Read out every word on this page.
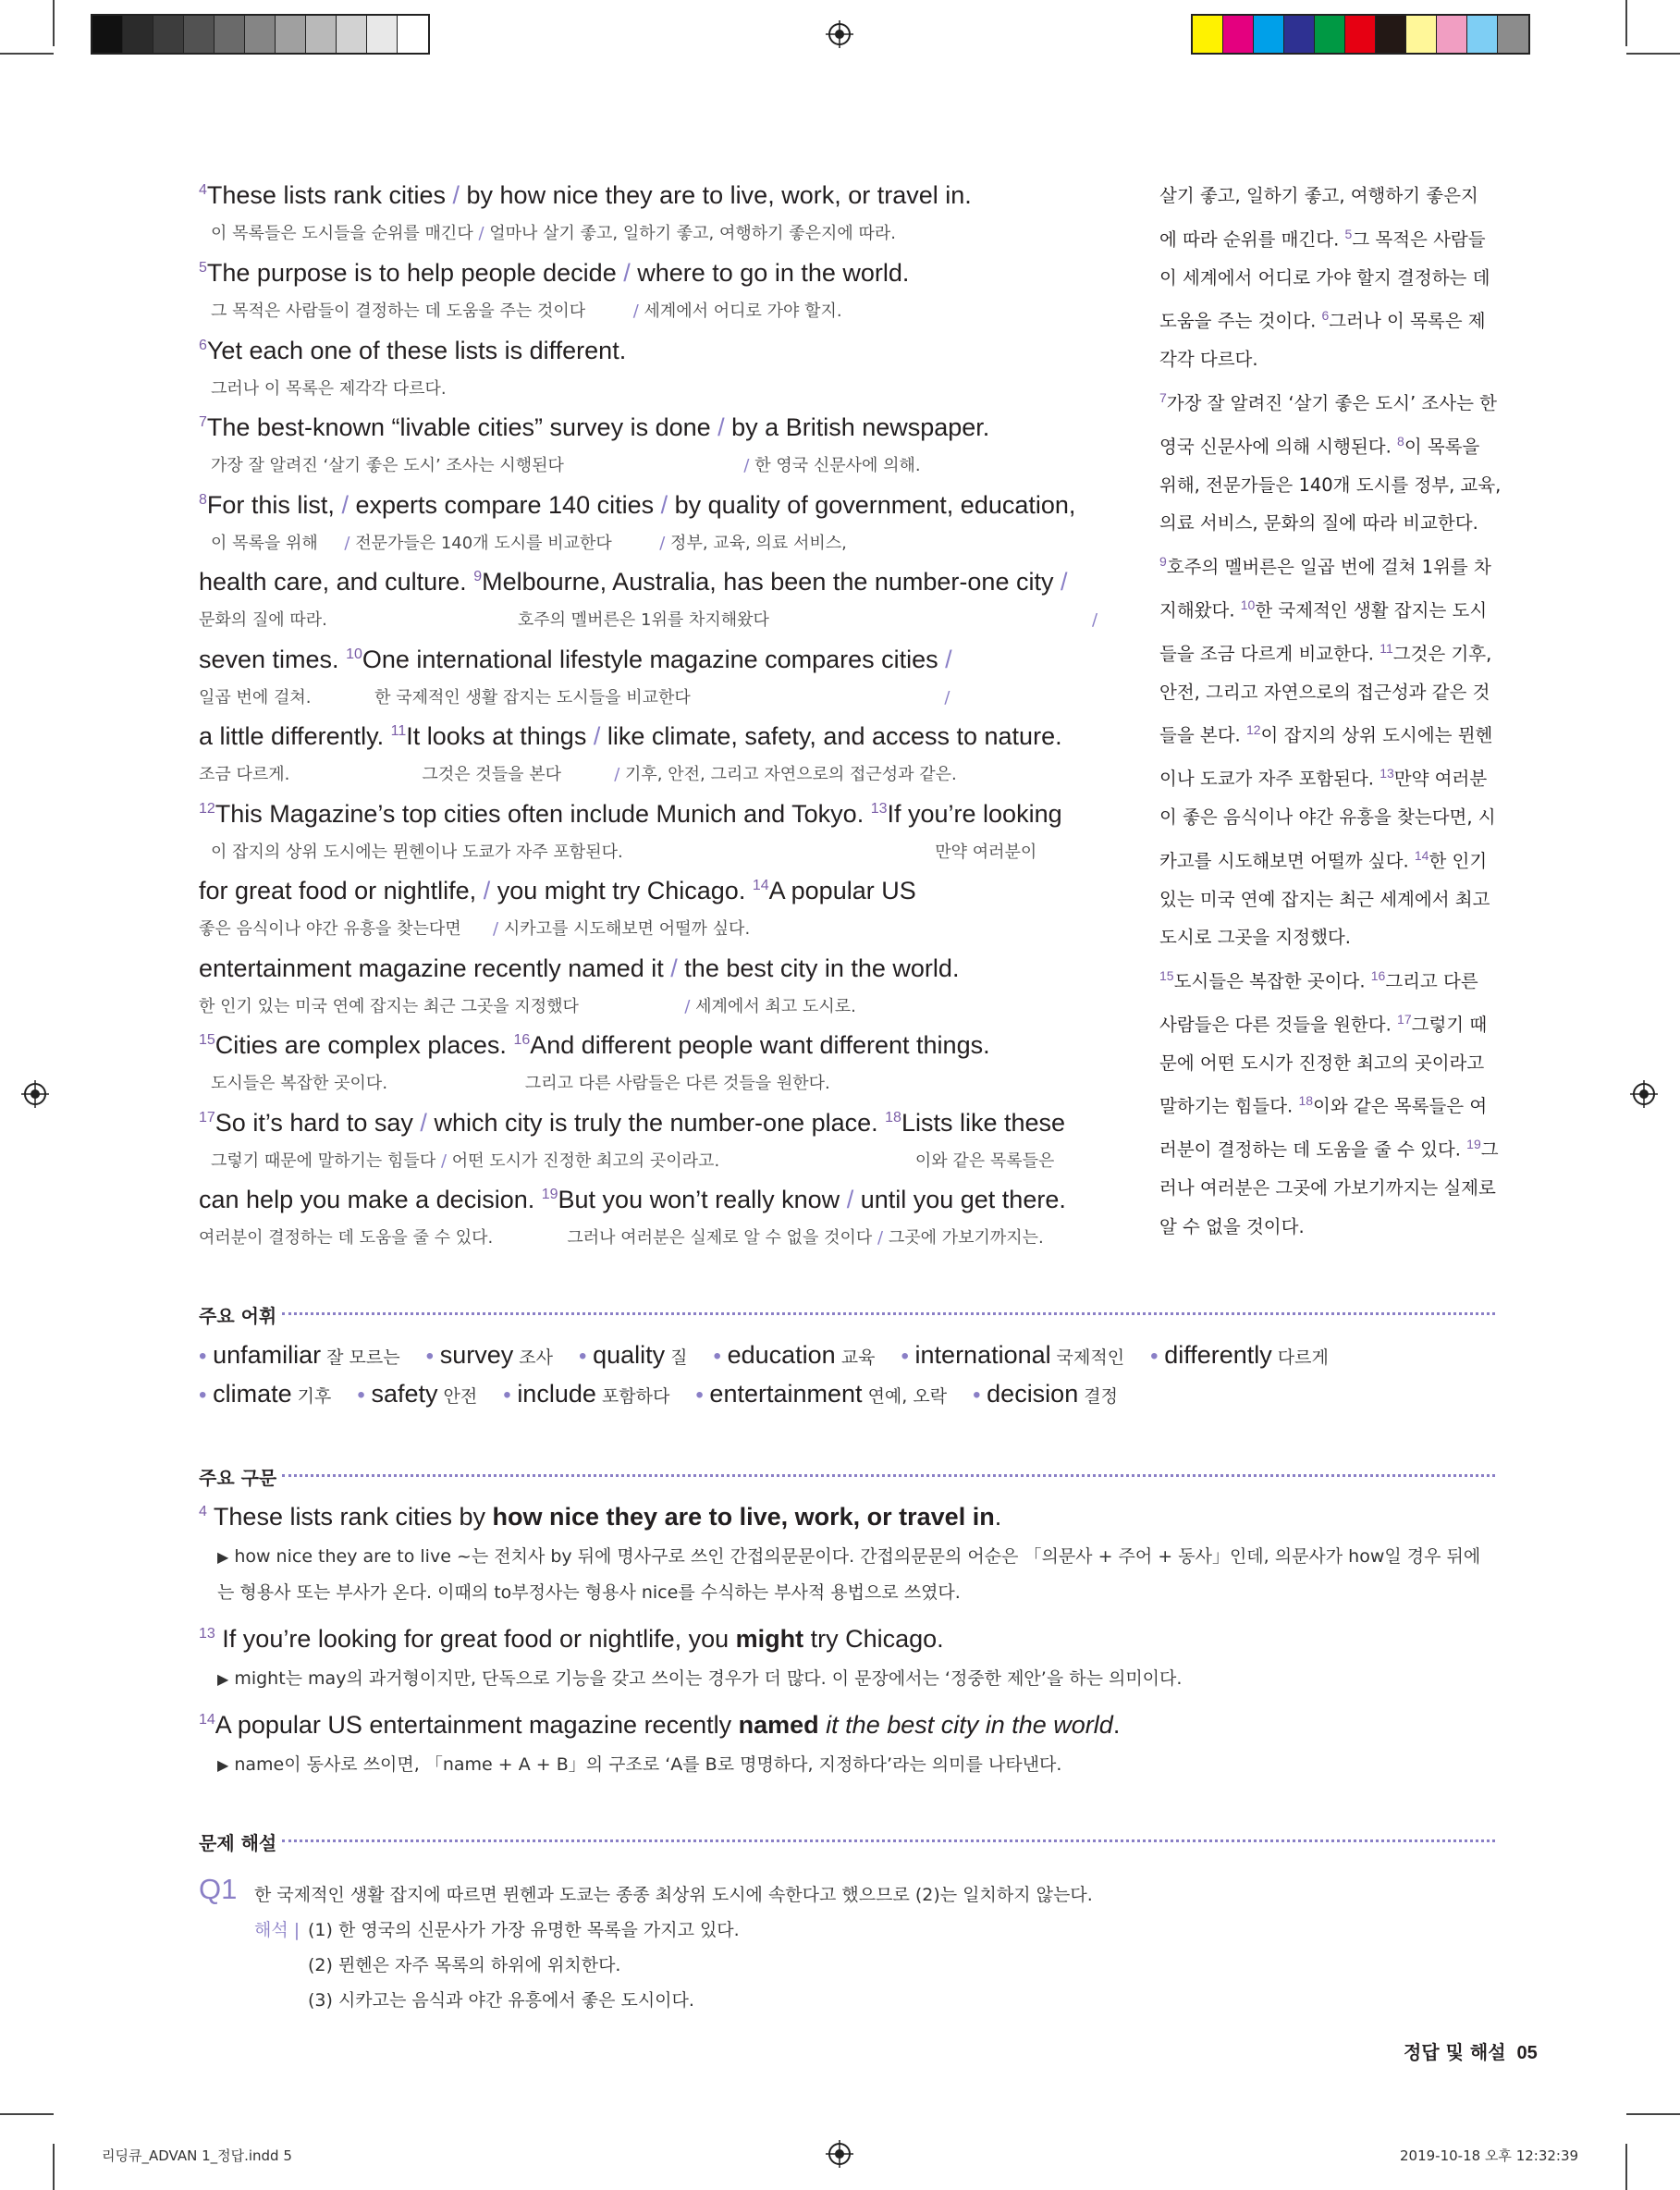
$^4$These lists rank cities / by how nice they are to live, work, or travel in.
이 목록들은 도시들을 순위를 매긴다 / 얼마나 살기 좋고, 일하기 좋고, 여행하기 좋은지에 따라.
$^5$The purpose is to help people decide / where to go in the world.
그 목적은 사람들이 결정하는 데 도움을 주는 것이다         / 세계에서 어디로 가야 할지.
$^6$Yet each one of these lists is different.
그러나 이 목록은 제각각 다르다.
$^7$The best-known “livable cities” survey is done / by a British newspaper.
가장 잘 알려진 ‘살기 좋은 도시’ 조사는 시행된다                                  / 한 영국 신문사에 의해.
$^8$For this list, / experts compare 140 cities / by quality of government, education,
이 목록을 위해     / 전문가들은 140개 도시를 비교한다         / 정부, 교육, 의료 서비스,
health care, and culture. $^9$Melbourne, Australia, has been the number-one city /
문화의 질에 따라.                                    호주의 멜버른은 1위를 차지해왔다                                                             /
seven times. $^{10}$One international lifestyle magazine compares cities /
일곱 번에 걸쳐.            한 국제적인 생활 잡지는 도시들을 비교한다                                                /
a little differently. $^{11}$It looks at things / like climate, safety, and access to nature.
조금 다르게.                         그것은 것들을 본다          / 기후, 안전, 그리고 자연으로의 접근성과 같은.
$^{12}$This Magazine’s top cities often include Munich and Tokyo. $^{13}$If you’re looking
이 잡지의 상위 도시에는 뮌헨이나 도쿄가 자주 포함된다.                                                           만약 여러분이
for great food or nightlife, / you might try Chicago. $^{14}$A popular US
좋은 음식이나 야간 유흥을 찾는다면      / 시카고를 시도해보면 어떨까 싶다.
entertainment magazine recently named it / the best city in the world.
한 인기 있는 미국 연예 잡지는 최근 그곳을 지정했다                    / 세계에서 최고 도시로.
$^{15}$Cities are complex places. $^{16}$And different people want different things.
도시들은 복잡한 곳이다.                          그리고 다른 사람들은 다른 것들을 원한다.
$^{17}$So it’s hard to say / which city is truly the number-one place. $^{18}$Lists like these
그렇기 때문에 말하기는 힘들다 / 어떤 도시가 진정한 최고의 곳이라고.                                     이와 같은 목록들은
can help you make a decision. $^{19}$But you won’t really know / until you get there.
여러분이 결정하는 데 도움을 줄 수 있다.              그러나 여러분은 실제로 알 수 없을 것이다 / 그곳에 가보기까지는.
살기 좋고, 일하기 좋고, 여행하기 좋은지
에 따라 순위를 매긴다. $^5$그 목적은 사람들
이 세계에서 어디로 가야 할지 결정하는 데
도움을 주는 것이다. $^6$그러나 이 목록은 제
각각 다르다.
$^7$가장 잘 알려진 ‘살기 좋은 도시’ 조사는 한
영국 신문사에 의해 시행된다. $^8$이 목록을
위해, 전문가들은 140개 도시를 정부, 교육,
의료 서비스, 문화의 질에 따라 비교한다.
$^9$호주의 멜버른은 일곱 번에 걸쳐 1위를 차
지해왔다. $^{10}$한 국제적인 생활 잡지는 도시
들을 조금 다르게 비교한다. $^{11}$그것은 기후,
안전, 그리고 자연으로의 접근성과 같은 것
들을 본다. $^{12}$이 잡지의 상위 도시에는 뮌헨
이나 도쿄가 자주 포함된다. $^{13}$만약 여러분
이 좋은 음식이나 야간 유흥을 찾는다면, 시
카고를 시도해보면 어떨까 싶다. $^{14}$한 인기
있는 미국 연예 잡지는 최근 세계에서 최고
도시로 그곳을 지정했다.
$^{15}$도시들은 복잡한 곳이다. $^{16}$그리고 다른
사람들은 다른 것들을 원한다. $^{17}$그렇기 때
문에 어떤 도시가 진정한 최고의 곳이라고
말하기는 힘들다. $^{18}$이와 같은 목록들은 여
러분이 결정하는 데 도움을 줄 수 있다. $^{19}$그
러나 여러분은 그곳에 가보기까지는 실제로
알 수 없을 것이다.
주요 어휘
• unfamiliar 잘 모르는 • survey 조사 • quality 질 • education 교육 • international 국제적인 • differently 다르게
• climate 기후 • safety 안전 • include 포함하다 • entertainment 연예, 오락 • decision 결정
주요 구문
$^4$ These lists rank cities by how nice they are to live, work, or travel in.
▶ how nice they are to live ~는 전치사 by 뒤에 명사구로 쓰인 간접의문문이다. 간접의문문의 어순은 「의문사 + 주어 + 동사」인데, 의문사가 how일 경우 뒤에는 형용사 또는 부사가 온다. 이때의 to부정사는 형용사 nice를 수식하는 부사적 용법으로 쓰였다.
$^{13}$ If you’re looking for great food or nightlife, you might try Chicago.
▶ might는 may의 과거형이지만, 단독으로 기능을 갖고 쓰이는 경우가 더 많다. 이 문장에서는 ‘정중한 제안’을 하는 의미이다.
$^{14}$A popular US entertainment magazine recently named it the best city in the world.
▶ name이 동사로 쓰이면, 「name + A + B」의 구조로 ‘A를 B로 명명하다, 지정하다’라는 의미를 나타낸다.
문제 해설
Q1 한 국제적인 생활 잡지에 따르면 뮌헨과 도쿄는 종종 최상위 도시에 속한다고 했으므로 (2)는 일치하지 않는다.
해석 | (1) 한 영국의 신문사가 가장 유명한 목록을 가지고 있다.
(2) 뮌헨은 자주 목록의 하위에 위치한다.
(3) 시카고는 음식과 야간 유흥에서 좋은 도시이다.
정답 및 해설 05
리딩큐_ADVAN 1_정답.indd 5	2019-10-18 오후 12:32:39
